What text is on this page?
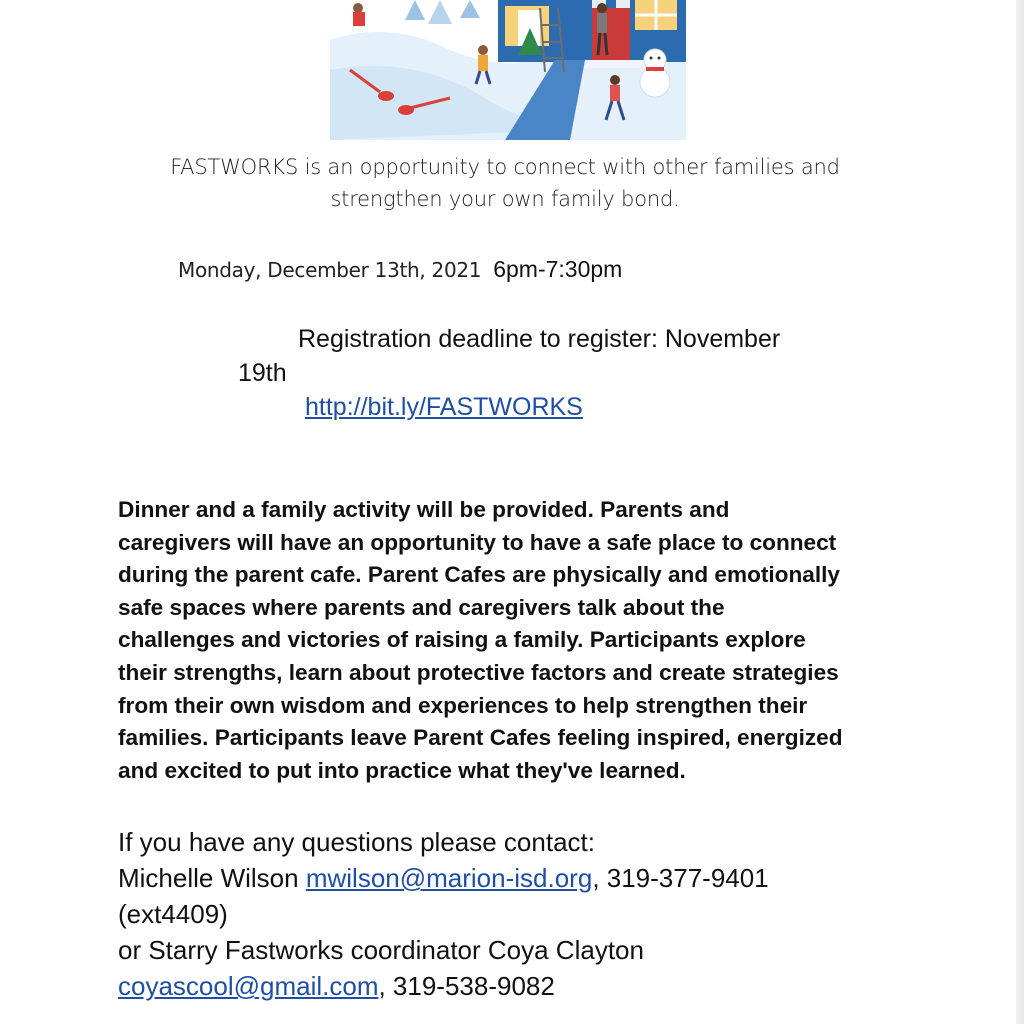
FASTWORKS is an opportunity to connect with other families and
strengthen your own family bond.
Monday, December 13th, 2021 6pm-7:30pm
Registration deadline to register: November
19th
http://bit.ly/FASTWORKS
Dinner and a family activity will be provided. Parents and
caregivers will have an opportunity to have a safe place to connect
during the parent cafe. Parent Cafes are physically and emotionally
safe spaces where parents and caregivers talk about the
challenges and victories of raising a family. Participants explore
their strengths, learn about protective factors and create strategies
from their own wisdom and experiences to help strengthen their
families. Participants leave Parent Cafes feeling inspired, energized
and excited to put into practice what they've learned.
If you have any questions please contact:
Michelle Wilson mwilson@marion-isd.org, 319-377-9401
(ext4409)
or Starry Fastworks coordinator Coya Clayton
coyascool@gmail.com, 319-538-9082
